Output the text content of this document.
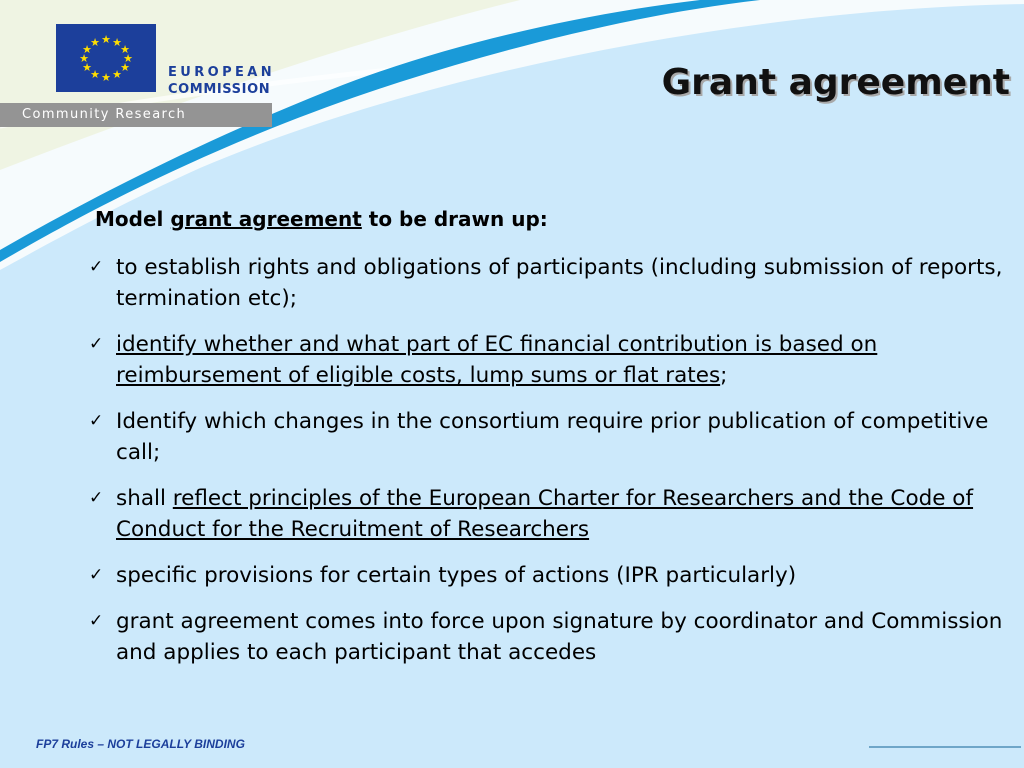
★ ★
★
★
★
★
★
★
★
★
★
★
EUROPEAN
COMMISSION
Community Research
Grant agreement
Model grant agreement to be drawn up:
✓ to establish rights and obligations of participants (including submission of reports, termination etc);
✓ identify whether and what part of EC financial contribution is based on reimbursement of eligible costs, lump sums or flat rates;
✓ Identify which changes in the consortium require prior publication of competitive call;
✓ shall reflect principles of the European Charter for Researchers and the Code of Conduct for the Recruitment of Researchers
✓ specific provisions for certain types of actions (IPR particularly)
✓ grant agreement comes into force upon signature by coordinator and Commission and applies to each participant that accedes
FP7 Rules – NOT LEGALLY BINDING
